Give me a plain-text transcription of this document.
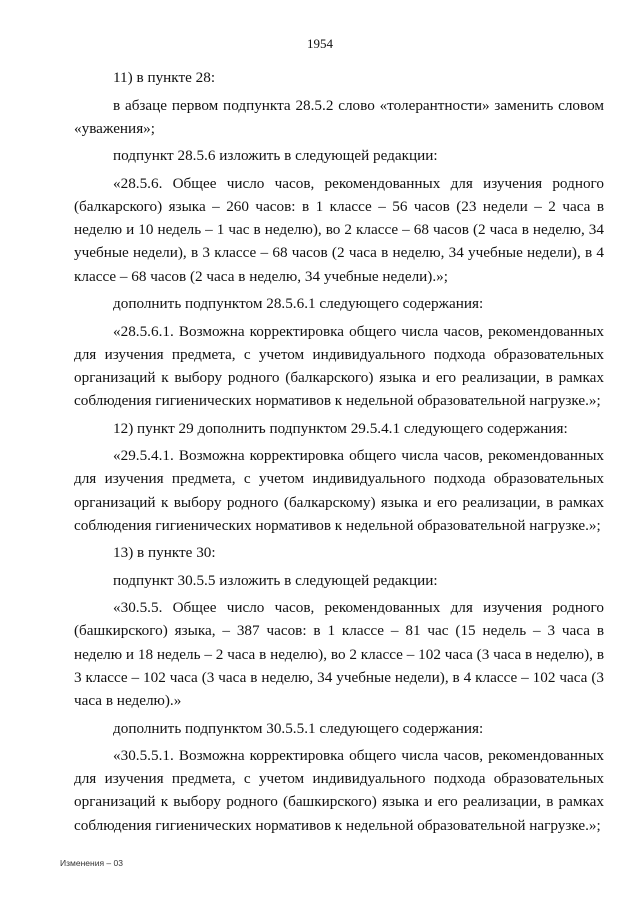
1954

11) в пункте 28:

в абзаце первом подпункта 28.5.2 слово «толерантности» заменить словом «уважения»;

подпункт 28.5.6 изложить в следующей редакции:

«28.5.6. Общее число часов, рекомендованных для изучения родного (балкарского) языка – 260 часов: в 1 классе – 56 часов (23 недели – 2 часа в неделю и 10 недель – 1 час в неделю), во 2 классе – 68 часов (2 часа в неделю, 34 учебные недели), в 3 классе – 68 часов (2 часа в неделю, 34 учебные недели), в 4 классе – 68 часов (2 часа в неделю, 34 учебные недели).»;

дополнить подпунктом 28.5.6.1 следующего содержания:

«28.5.6.1. Возможна корректировка общего числа часов, рекомендованных для изучения предмета, с учетом индивидуального подхода образовательных организаций к выбору родного (балкарского) языка и его реализации, в рамках соблюдения гигиенических нормативов к недельной образовательной нагрузке.»;

12) пункт 29 дополнить подпунктом 29.5.4.1 следующего содержания:

«29.5.4.1. Возможна корректировка общего числа часов, рекомендованных для изучения предмета, с учетом индивидуального подхода образовательных организаций к выбору родного (балкарскому) языка и его реализации, в рамках соблюдения гигиенических нормативов к недельной образовательной нагрузке.»;

13) в пункте 30:

подпункт 30.5.5 изложить в следующей редакции:

«30.5.5. Общее число часов, рекомендованных для изучения родного (башкирского) языка, – 387 часов: в 1 классе – 81 час (15 недель – 3 часа в неделю и 18 недель – 2 часа в неделю), во 2 классе – 102 часа (3 часа в неделю), в 3 классе – 102 часа (3 часа в неделю, 34 учебные недели), в 4 классе – 102 часа (3 часа в неделю).»

дополнить подпунктом 30.5.5.1 следующего содержания:

«30.5.5.1. Возможна корректировка общего числа часов, рекомендованных для изучения предмета, с учетом индивидуального подхода образовательных организаций к выбору родного (башкирского) языка и его реализации, в рамках соблюдения гигиенических нормативов к недельной образовательной нагрузке.»;

Изменения – 03
